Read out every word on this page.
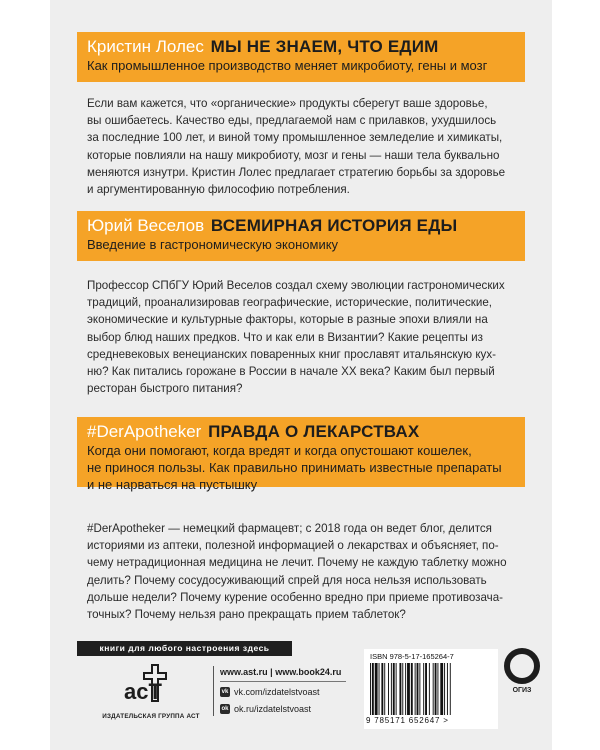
Кристин Лолес МЫ НЕ ЗНАЕМ, ЧТО ЕДИМ
Как промышленное производство меняет микробиоту, гены и мозг

Если вам кажется, что «органические» продукты сберегут ваше здоровье,

вы ошибаетесь. Качество еды, предлагаемой нам с прилавков, ухудшилось

за последние 100 лет, и виной тому промышленное земледелие и химикаты,

которые повлияли на нашу микробиоту, мозг и гены — наши тела буквально

меняются изнутри. Кристин Лолес предлагает стратегию борьбы за здоровье

и аргументированную философию потребления.

Юрий Веселов ВСЕМИРНАЯ ИСТОРИЯ ЕДЫ
Введение в гастрономическую экономику

Профессор СПбГУ Юрий Веселов создал схему эволюции гастрономических

традиций, проанализировав географические, исторические, политические,

экономические и культурные факторы, которые в разные эпохи влияли на

выбор блюд наших предков. Что и как ели в Византии? Какие рецепты из

средневековых венецианских поваренных книг прославят итальянскую кух-

ню? Как питались горожане в России в начале XX века? Каким был первый

ресторан быстрого питания?

#DerApotheker ПРАВДА О ЛЕКАРСТВАХ
Когда они помогают, когда вредят и когда опустошают кошелек,
не принося пользы. Как правильно принимать известные препараты
и не нарваться на пустышку

#DerApotheker — немецкий фармацевт; с 2018 года он ведет блог, делится

историями из аптеки, полезной информацией о лекарствах и объясняет, по-

чему нетрадиционная медицина не лечит. Почему не каждую таблетку можно

делить? Почему сосудосуживающий спрей для носа нельзя использовать

дольше недели? Почему курение особенно вредно при приеме противозача-

точных? Почему нельзя рано прекращать прием таблеток?

книги для любого настроения здесь
acT
ИЗДАТЕЛЬСКАЯ ГРУППА АСТ
www.ast.ru | www.book24.ru
vk vk.com/izdatelstvoast
ok ok.ru/izdatelstvoast
ISBN 978-5-17-165264-7
9 785171 652647 >
ОГИЗ
